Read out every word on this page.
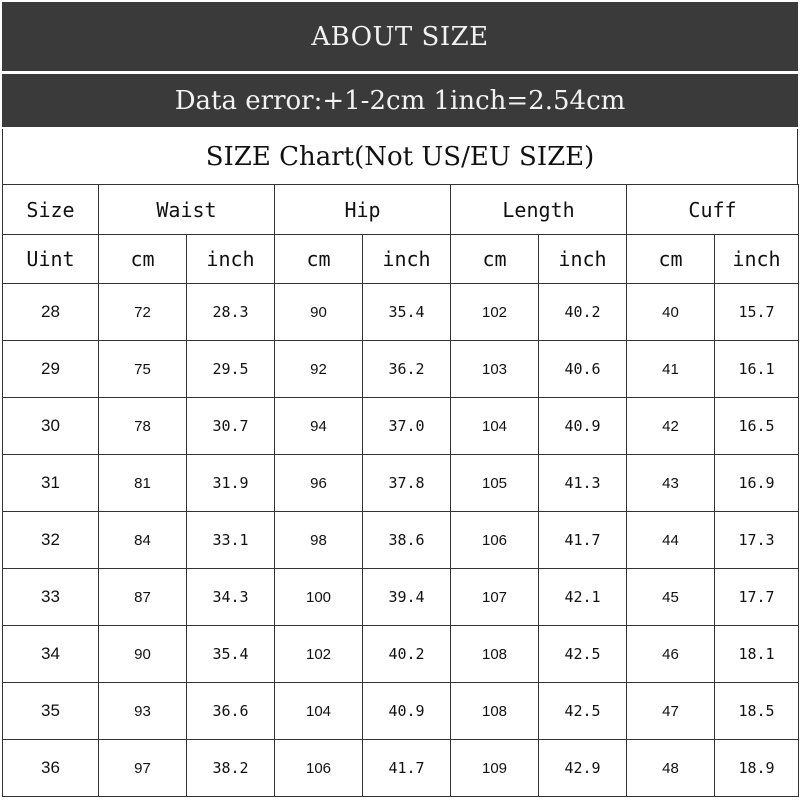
ABOUT SIZE
Data error:+1-2cm 1inch=2.54cm
SIZE Chart(Not US/EU SIZE)
Size	Waist		Hip		Length		Cuff	
Uint	cm	inch	cm	inch	cm	inch	cm	inch
28	72	28.3	90	35.4	102	40.2	40	15.7
29	75	29.5	92	36.2	103	40.6	41	16.1
30	78	30.7	94	37.0	104	40.9	42	16.5
31	81	31.9	96	37.8	105	41.3	43	16.9
32	84	33.1	98	38.6	106	41.7	44	17.3
33	87	34.3	100	39.4	107	42.1	45	17.7
34	90	35.4	102	40.2	108	42.5	46	18.1
35	93	36.6	104	40.9	108	42.5	47	18.5
36	97	38.2	106	41.7	109	42.9	48	18.9
